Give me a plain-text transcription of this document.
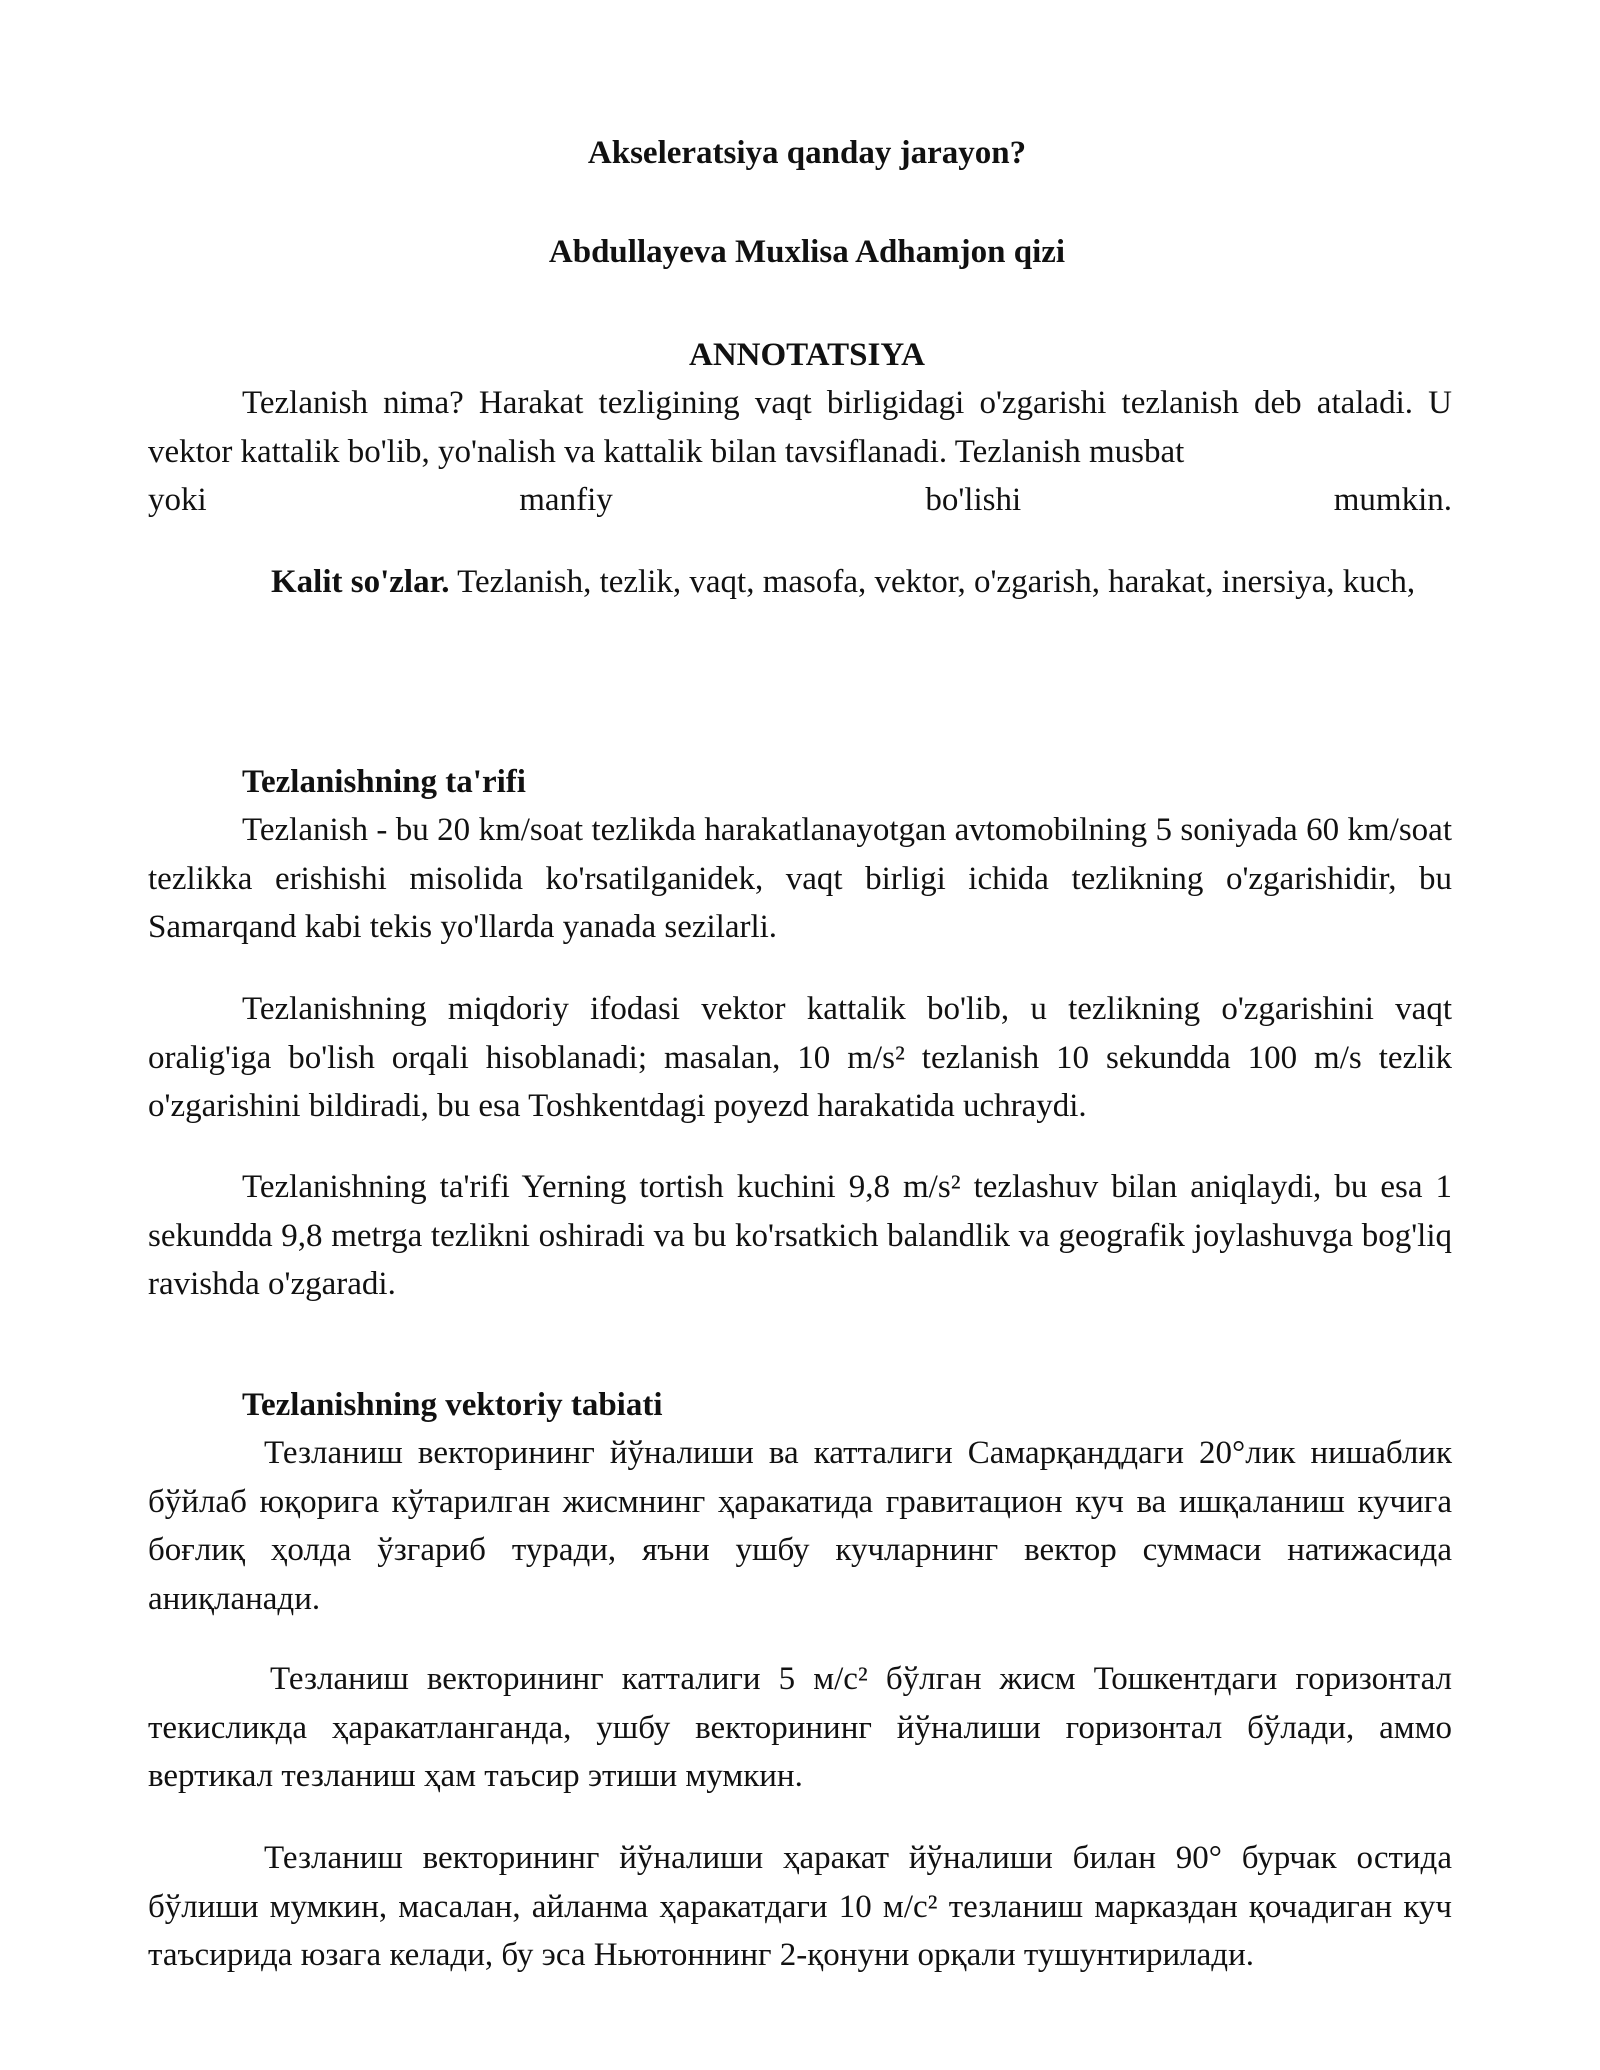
Akseleratsiya qanday jarayon?
Abdullayeva Muxlisa Adhamjon qizi
ANNOTATSIYA

Tezlanish nima? Harakat tezligining vaqt birligidagi o'zgarishi tezlanish deb ataladi. U vektor kattalik bo'lib, yo'nalish va kattalik bilan tavsiflanadi. Tezlanish musbat

yoki manfiy bo'lishi mumkin.

Kalit so'zlar. Tezlanish, tezlik, vaqt, masofa, vektor, o'zgarish, harakat, inersiya, kuch,

Tezlanishning ta'rifi

Tezlanish - bu 20 km/soat tezlikda harakatlanayotgan avtomobilning 5 soniyada 60 km/soat tezlikka erishishi misolida ko'rsatilganidek, vaqt birligi ichida tezlikning o'zgarishidir, bu Samarqand kabi tekis yo'llarda yanada sezilarli.

Tezlanishning miqdoriy ifodasi vektor kattalik bo'lib, u tezlikning o'zgarishini vaqt oralig'iga bo'lish orqali hisoblanadi; masalan, 10 m/s² tezlanish 10 sekundda 100 m/s tezlik o'zgarishini bildiradi, bu esa Toshkentdagi poyezd harakatida uchraydi.

Tezlanishning ta'rifi Yerning tortish kuchini 9,8 m/s² tezlashuv bilan aniqlaydi, bu esa 1 sekundda 9,8 metrga tezlikni oshiradi va bu ko'rsatkich balandlik va geografik joylashuvga bog'liq ravishda o'zgaradi.

Tezlanishning vektoriy tabiati

Тезланиш векторининг йўналиши ва катталиги Самарқанддаги 20°лик нишаблик бўйлаб юқорига кўтарилган жисмнинг ҳаракатида гравитацион куч ва ишқаланиш кучига боғлиқ ҳолда ўзгариб туради, яъни ушбу кучларнинг вектор суммаси натижасида аниқланади.

Тезланиш векторининг катталиги 5 м/с² бўлган жисм Тошкентдаги горизонтал текисликда ҳаракатланганда, ушбу векторининг йўналиши горизонтал бўлади, аммо вертикал тезланиш ҳам таъсир этиши мумкин.

Тезланиш векторининг йўналиши ҳаракат йўналиши билан 90° бурчак остида бўлиши мумкин, масалан, айланма ҳаракатдаги 10 м/с² тезланиш марказдан қочадиган куч таъсирида юзага келади, бу эса Ньютоннинг 2-қонуни орқали тушунтирилади.
